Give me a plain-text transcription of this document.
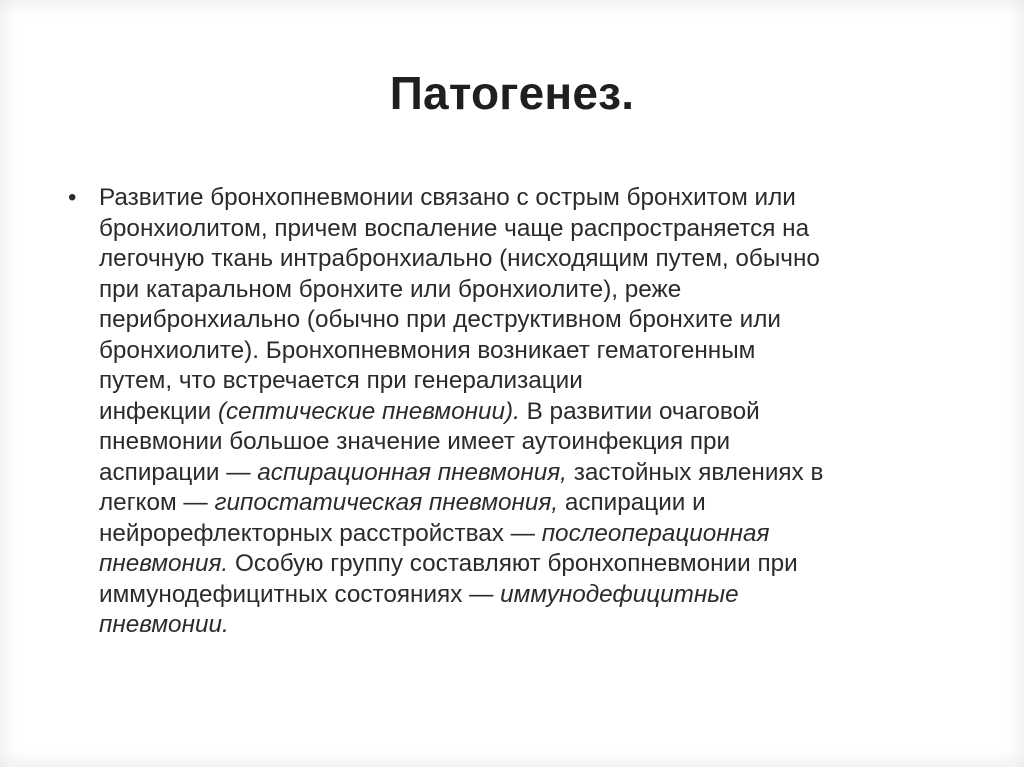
Патогенез.
• Развитие бронхопневмонии связано с острым бронхитом или
бронхиолитом, причем воспаление чаще распространяется на
легочную ткань интрабронхиально (нисходящим путем, обычно
при катаральном бронхите или бронхиолите), реже
перибронхиально (обычно при деструктивном бронхите или
бронхиолите). Бронхопневмония возникает гематогенным
путем, что встречается при генерализации
инфекции (септические пневмонии). В развитии очаговой
пневмонии большое значение имеет аутоинфекция при
аспирации — аспирационная пневмония, застойных явлениях в
легком — гипостатическая пневмония, аспирации и
нейрорефлекторных расстройствах — послеоперационная
пневмония. Особую группу составляют бронхопневмонии при
иммунодефицитных состояниях — иммунодефицитные
пневмонии.
